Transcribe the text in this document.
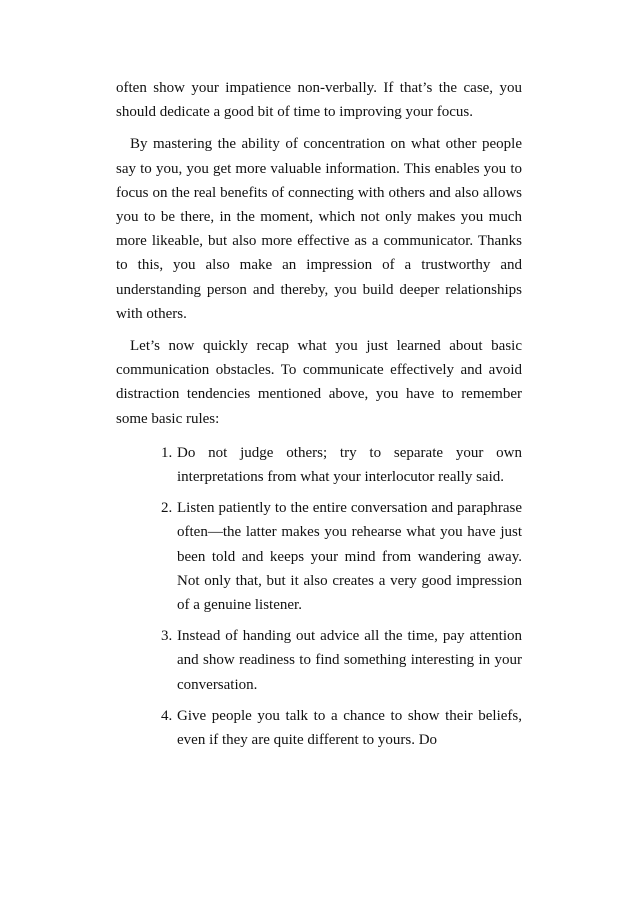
often show your impatience non-verbally. If that’s the case, you should dedicate a good bit of time to improving your focus.

By mastering the ability of concentration on what other people say to you, you get more valuable information. This enables you to focus on the real benefits of connecting with others and also allows you to be there, in the moment, which not only makes you much more likeable, but also more effective as a communicator. Thanks to this, you also make an impression of a trustworthy and understanding person and thereby, you build deeper relationships with others.

Let’s now quickly recap what you just learned about basic communication obstacles. To communicate effectively and avoid distraction tendencies mentioned above, you have to remember some basic rules:

1. Do not judge others; try to separate your own interpretations from what your interlocutor really said.
2. Listen patiently to the entire conversation and paraphrase often—the latter makes you rehearse what you have just been told and keeps your mind from wandering away. Not only that, but it also creates a very good impression of a genuine listener.
3. Instead of handing out advice all the time, pay attention and show readiness to find something interesting in your conversation.
4. Give people you talk to a chance to show their beliefs, even if they are quite different to yours. Do
